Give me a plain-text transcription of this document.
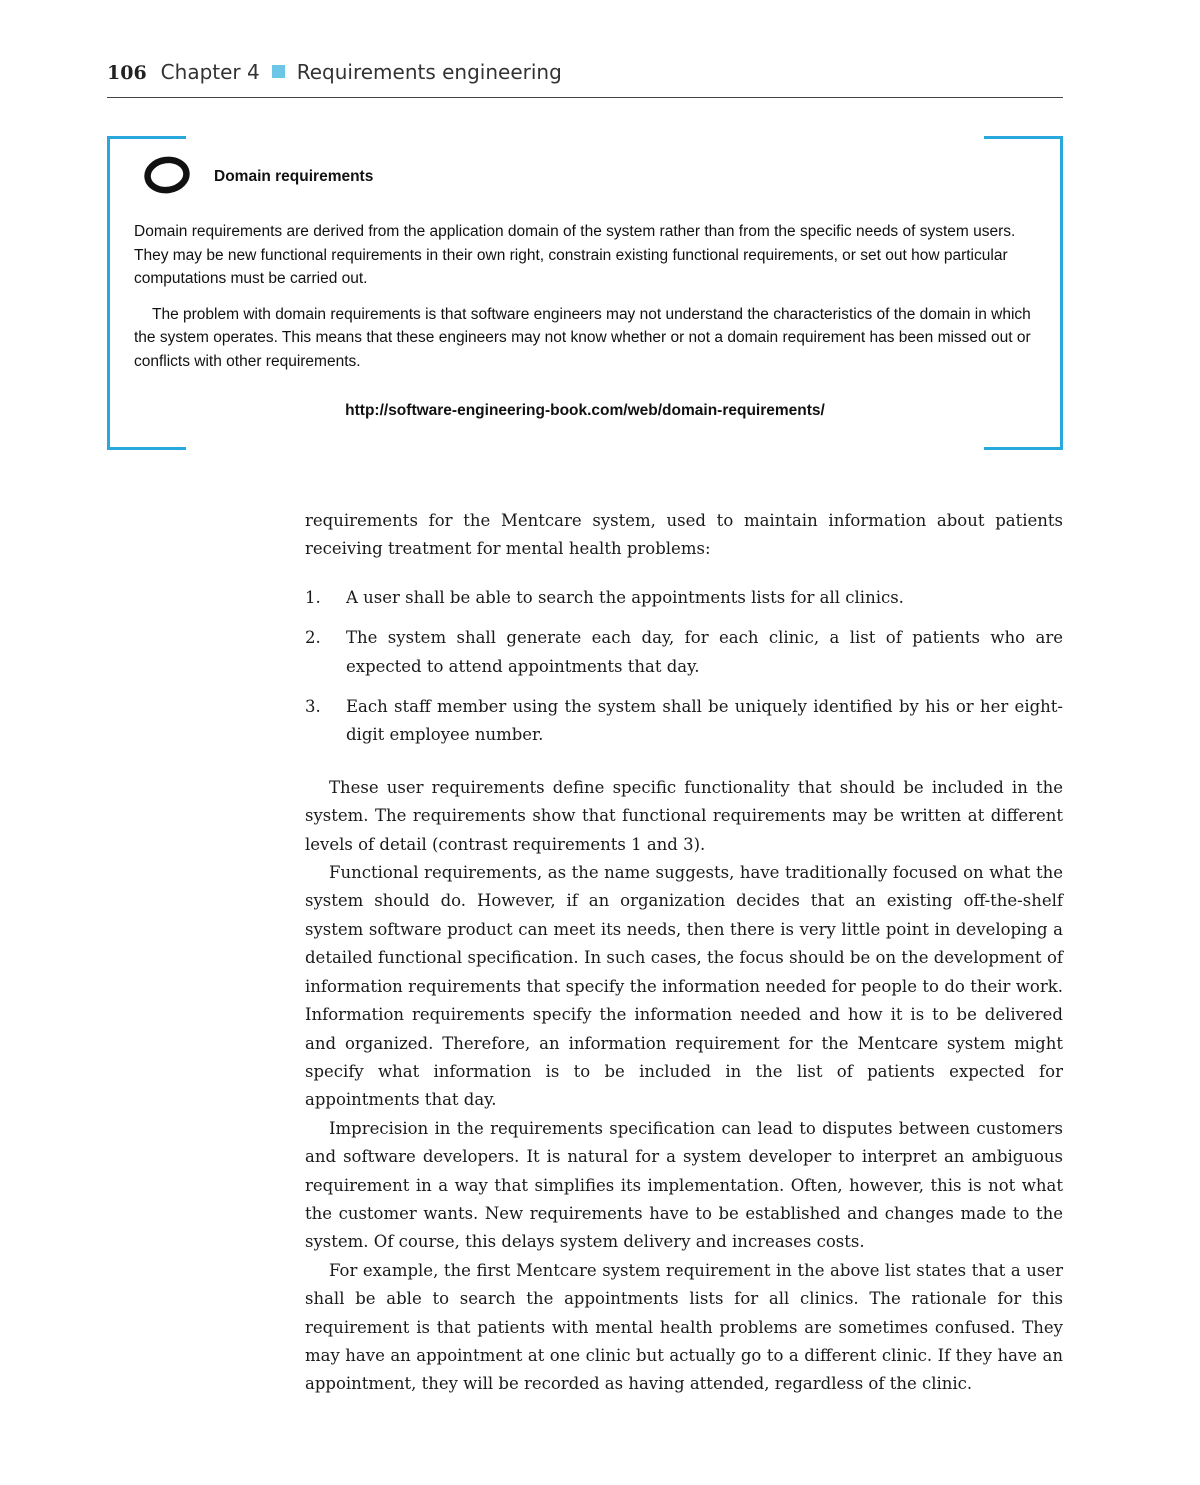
106 Chapter 4 Requirements engineering
Domain requirements

Domain requirements are derived from the application domain of the system rather than from the specific needs of system users. They may be new functional requirements in their own right, constrain existing functional requirements, or set out how particular computations must be carried out.

The problem with domain requirements is that software engineers may not understand the characteristics of the domain in which the system operates. This means that these engineers may not know whether or not a domain requirement has been missed out or conflicts with other requirements.

http://software-engineering-book.com/web/domain-requirements/

requirements for the Mentcare system, used to maintain information about patients receiving treatment for mental health problems:

1. A user shall be able to search the appointments lists for all clinics.
2. The system shall generate each day, for each clinic, a list of patients who are expected to attend appointments that day.
3. Each staff member using the system shall be uniquely identified by his or her eight-digit employee number.

These user requirements define specific functionality that should be included in the system. The requirements show that functional requirements may be written at different levels of detail (contrast requirements 1 and 3).

Functional requirements, as the name suggests, have traditionally focused on what the system should do. However, if an organization decides that an existing off-the-shelf system software product can meet its needs, then there is very little point in developing a detailed functional specification. In such cases, the focus should be on the development of information requirements that specify the information needed for people to do their work. Information requirements specify the information needed and how it is to be delivered and organized. Therefore, an information requirement for the Mentcare system might specify what information is to be included in the list of patients expected for appointments that day.

Imprecision in the requirements specification can lead to disputes between customers and software developers. It is natural for a system developer to interpret an ambiguous requirement in a way that simplifies its implementation. Often, however, this is not what the customer wants. New requirements have to be established and changes made to the system. Of course, this delays system delivery and increases costs.

For example, the first Mentcare system requirement in the above list states that a user shall be able to search the appointments lists for all clinics. The rationale for this requirement is that patients with mental health problems are sometimes confused. They may have an appointment at one clinic but actually go to a different clinic. If they have an appointment, they will be recorded as having attended, regardless of the clinic.
